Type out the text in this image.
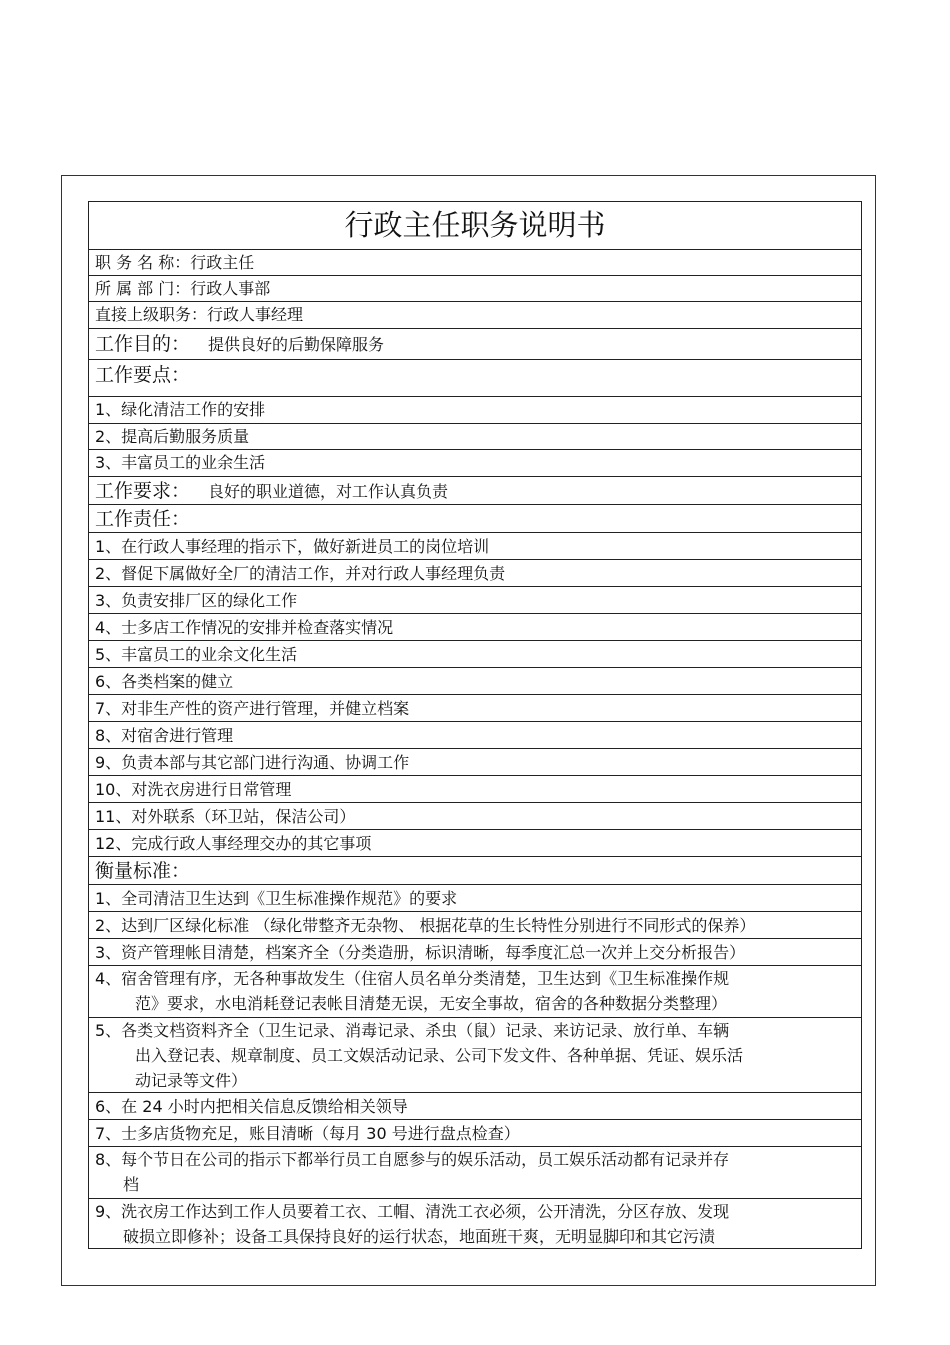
行政主任职务说明书
职 务 名 称：行政主任
所 属 部 门：行政人事部
直接上级职务：行政人事经理
工作目的： 提供良好的后勤保障服务
工作要点：
1、绿化清洁工作的安排
2、提高后勤服务质量
3、丰富员工的业余生活
工作要求： 良好的职业道德，对工作认真负责
工作责任：
1、在行政人事经理的指示下，做好新进员工的岗位培训
2、督促下属做好全厂的清洁工作，并对行政人事经理负责
3、负责安排厂区的绿化工作
4、士多店工作情况的安排并检查落实情况
5、丰富员工的业余文化生活
6、各类档案的健立
7、对非生产性的资产进行管理，并健立档案
8、对宿舍进行管理
9、负责本部与其它部门进行沟通、协调工作
10、对洗衣房进行日常管理
11、对外联系（环卫站，保洁公司）
12、完成行政人事经理交办的其它事项
衡量标准：
1、全司清洁卫生达到《卫生标准操作规范》的要求
2、达到厂区绿化标准 （绿化带整齐无杂物、 根据花草的生长特性分别进行不同形式的保养）
3、资产管理帐目清楚，档案齐全（分类造册，标识清晰，每季度汇总一次并上交分析报告）
4、宿舍管理有序，无各种事故发生（住宿人员名单分类清楚，卫生达到《卫生标准操作规
范》要求，水电消耗登记表帐目清楚无误，无安全事故，宿舍的各种数据分类整理）
5、各类文档资料齐全（卫生记录、消毒记录、杀虫（鼠）记录、来访记录、放行单、车辆
出入登记表、规章制度、员工文娱活动记录、公司下发文件、各种单据、凭证、娱乐活
动记录等文件）
6、在 24 小时内把相关信息反馈给相关领导
7、士多店货物充足，账目清晰（每月 30 号进行盘点检查）
8、每个节日在公司的指示下都举行员工自愿参与的娱乐活动，员工娱乐活动都有记录并存
档
9、洗衣房工作达到工作人员要着工衣、工帽、清洗工衣必须，公开清洗，分区存放、发现
破损立即修补；设备工具保持良好的运行状态，地面班干爽，无明显脚印和其它污渍
